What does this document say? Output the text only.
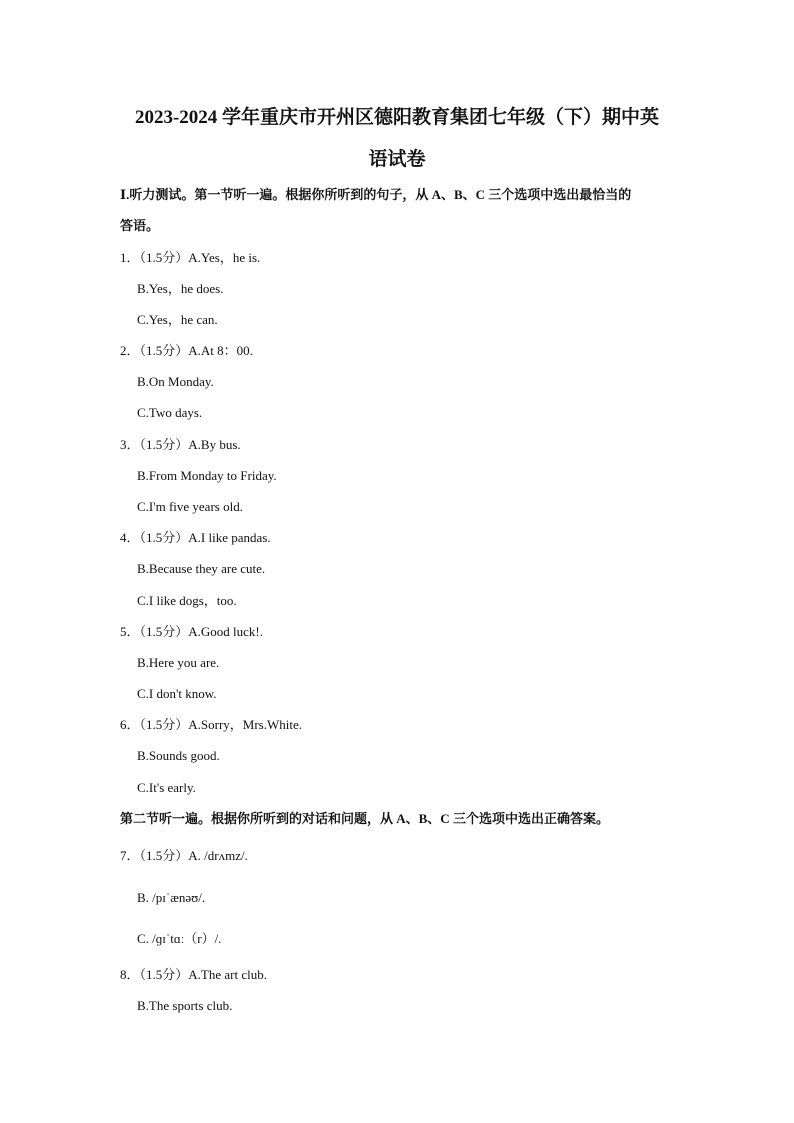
2023-2024 学年重庆市开州区德阳教育集团七年级（下）期中英
语试卷
Ⅰ.听力测试。第一节听一遍。根据你所听到的句子，从 A、B、C 三个选项中选出最恰当的
答语。
1．（1.5分）A.Yes，he is.
B.Yes，he does.
C.Yes，he can.
2．（1.5分）A.At 8：00.
B.On Monday.
C.Two days.
3．（1.5分）A.By bus.
B.From Monday to Friday.
C.I'm five years old.
4．（1.5分）A.I like pandas.
B.Because they are cute.
C.I like dogs，too.
5．（1.5分）A.Good luck!.
B.Here you are.
C.I don't know.
6．（1.5分）A.Sorry，Mrs.White.
B.Sounds good.
C.It's early.
第二节听一遍。根据你所听到的对话和问题，从 A、B、C 三个选项中选出正确答案。
7．（1.5分）A. /drʌmz/.
B. /pɪˈænəʊ/.
C. /ɡɪˈtɑː（r）/.
8．（1.5分）A.The art club.
B.The sports club.
